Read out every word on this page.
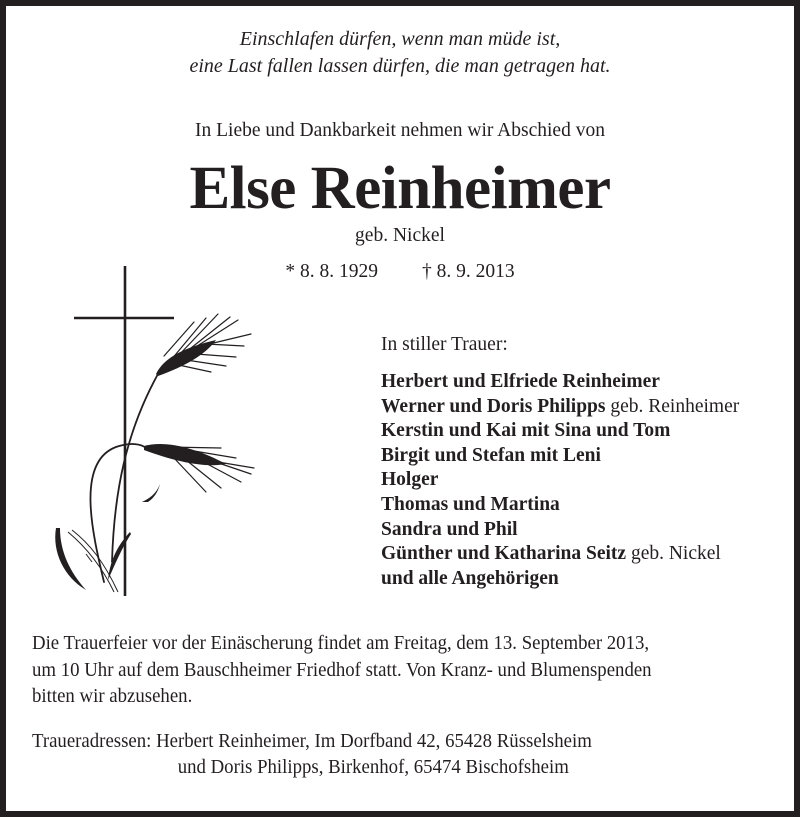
Einschlafen dürfen, wenn man müde ist,
eine Last fallen lassen dürfen, die man getragen hat.
In Liebe und Dankbarkeit nehmen wir Abschied von
Else Reinheimer
geb. Nickel
* 8. 8. 1929 † 8. 9. 2013
In stiller Trauer:
Herbert und Elfriede Reinheimer
Werner und Doris Philipps geb. Reinheimer
Kerstin und Kai mit Sina und Tom
Birgit und Stefan mit Leni
Holger
Thomas und Martina
Sandra und Phil
Günther und Katharina Seitz geb. Nickel
und alle Angehörigen
Die Trauerfeier vor der Einäscherung findet am Freitag, dem 13. September 2013,
um 10 Uhr auf dem Bauschheimer Friedhof statt. Von Kranz- und Blumenspenden
bitten wir abzusehen.
Traueradressen: Herbert Reinheimer, Im Dorfband 42, 65428 Rüsselsheim
und Doris Philipps, Birkenhof, 65474 Bischofsheim
